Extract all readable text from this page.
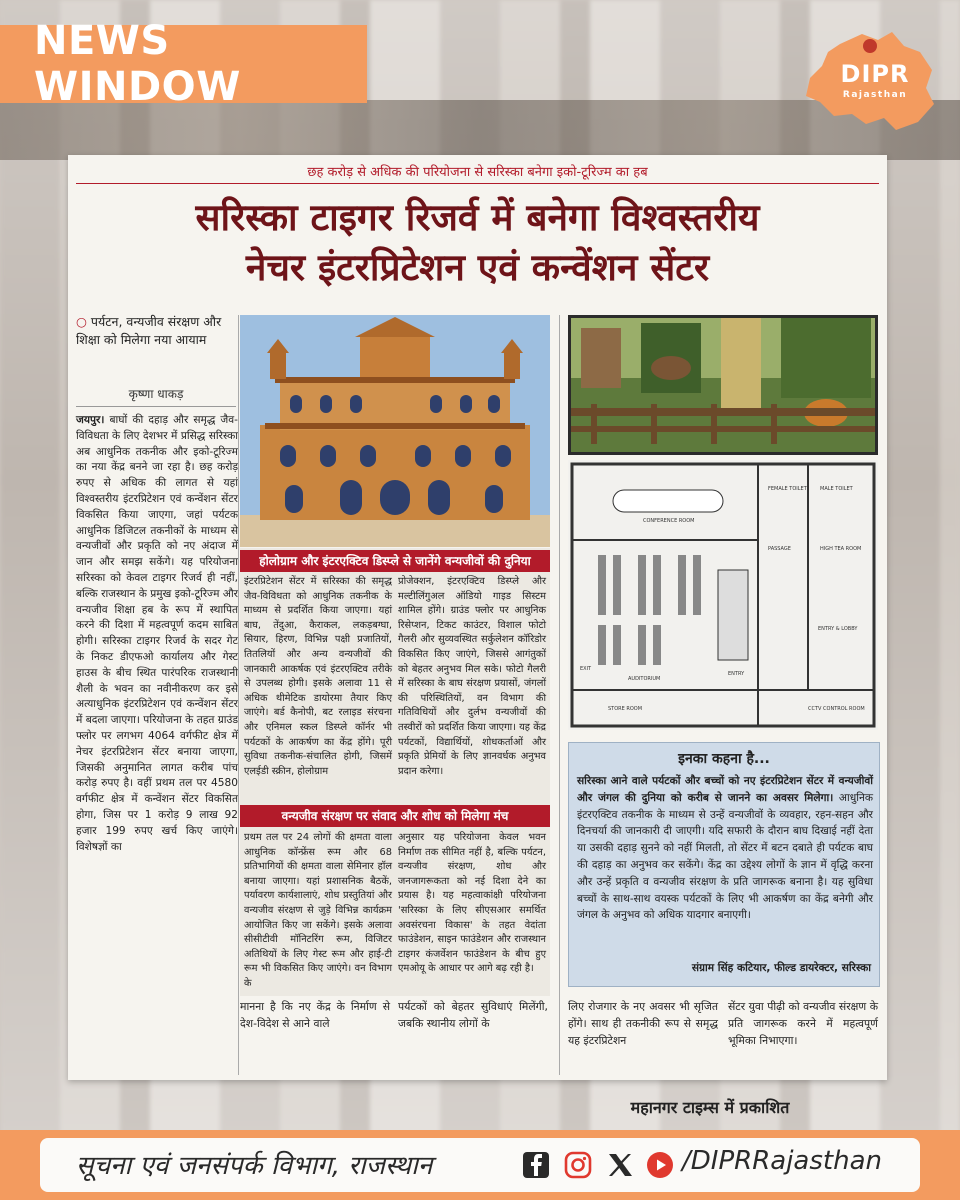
NEWS WINDOW	DIPR
Rajasthan
छह करोड़ से अधिक की परियोजना से सरिस्का बनेगा इको-टूरिज्म का हब
सरिस्का टाइगर रिजर्व में बनेगा विश्वस्तरीय
नेचर इंटरप्रिटेशन एवं कन्वेंशन सेंटर
○ पर्यटन, वन्यजीव संरक्षण और शिक्षा को मिलेगा नया आयाम
कृष्णा धाकड़
जयपुर। बाघों की दहाड़ और समृद्ध जैव-विविधता के लिए देशभर में प्रसिद्ध सरिस्का अब आधुनिक तकनीक और इको-टूरिज्म का नया केंद्र बनने जा रहा है। छह करोड़ रुपए से अधिक की लागत से यहां विश्वस्तरीय इंटरप्रिटेशन एवं कन्वेंशन सेंटर विकसित किया जाएगा, जहां पर्यटक आधुनिक डिजिटल तकनीकों के माध्यम से वन्यजीवों और प्रकृति को नए अंदाज में जान और समझ सकेंगे। यह परियोजना सरिस्का को केवल टाइगर रिजर्व ही नहीं, बल्कि राजस्थान के प्रमुख इको-टूरिज्म और वन्यजीव शिक्षा हब के रूप में स्थापित करने की दिशा में महत्वपूर्ण कदम साबित होगी। सरिस्का टाइगर रिजर्व के सदर गेट के निकट डीएफओ कार्यालय और गेस्ट हाउस के बीच स्थित पारंपरिक राजस्थानी शैली के भवन का नवीनीकरण कर इसे अत्याधुनिक इंटरप्रिटेशन एवं कन्वेंशन सेंटर में बदला जाएगा। परियोजना के तहत ग्राउंड फ्लोर पर लगभग 4064 वर्गफीट क्षेत्र में नेचर इंटरप्रिटेशन सेंटर बनाया जाएगा, जिसकी अनुमानित लागत करीब पांच करोड़ रुपए है। वहीं प्रथम तल पर 4580 वर्गफीट क्षेत्र में कन्वेंशन सेंटर विकसित होगा, जिस पर 1 करोड़ 9 लाख 92 हजार 199 रुपए खर्च किए जाएंगे। विशेषज्ञों का
होलोग्राम और इंटरएक्टिव डिस्प्ले से जानेंगे वन्यजीवों की दुनिया
इंटरप्रिटेशन सेंटर में सरिस्का की समृद्ध जैव-विविधता को आधुनिक तकनीक के माध्यम से प्रदर्शित किया जाएगा। यहां बाघ, तेंदुआ, कैराकल, लकड़बग्घा, सियार, हिरण, विभिन्न पक्षी प्रजातियों, तितलियों और अन्य वन्यजीवों की जानकारी आकर्षक एवं इंटरएक्टिव तरीके से उपलब्ध होगी। इसके अलावा 11 से अधिक थीमेटिक डायोरमा तैयार किए जाएंगे। बर्ड कैनोपी, बट रलाइड संरचना और एनिमल स्कल डिस्प्ले कॉर्नर भी पर्यटकों के आकर्षण का केंद्र होंगे। पूरी सुविधा तकनीक-संचालित होगी, जिसमें एलईडी स्क्रीन, होलोग्राम
प्रोजेक्शन, इंटरएक्टिव डिस्प्ले और मल्टीलिंगुअल ऑडियो गाइड सिस्टम शामिल होंगे। ग्राउंड फ्लोर पर आधुनिक रिसेप्शन, टिकट काउंटर, विशाल फोटो गैलरी और सुव्यवस्थित सर्कुलेशन कॉरिडोर विकसित किए जाएंगे, जिससे आगंतुकों को बेहतर अनुभव मिल सके। फोटो गैलरी में सरिस्का के बाघ संरक्षण प्रयासों, जंगलों की परिस्थितियों, वन विभाग की गतिविधियों और दुर्लभ वन्यजीवों की तस्वीरों को प्रदर्शित किया जाएगा। यह केंद्र पर्यटकों, विद्यार्थियों, शोधकर्ताओं और प्रकृति प्रेमियों के लिए ज्ञानवर्धक अनुभव प्रदान करेगा।
वन्यजीव संरक्षण पर संवाद और शोध को मिलेगा मंच
प्रथम तल पर 24 लोगों की क्षमता वाला आधुनिक कॉन्फ्रेंस रूम और 68 प्रतिभागियों की क्षमता वाला सेमिनार हॉल बनाया जाएगा। यहां प्रशासनिक बैठकें, पर्यावरण कार्यशालाएं, शोध प्रस्तुतियां और वन्यजीव संरक्षण से जुड़े विभिन्न कार्यक्रम आयोजित किए जा सकेंगे। इसके अलावा सीसीटीवी मॉनिटरिंग रूम, विजिटर अतिथियों के लिए गेस्ट रूम और हाई-टी रूम भी विकसित किए जाएंगे। वन विभाग के
अनुसार यह परियोजना केवल भवन निर्माण तक सीमित नहीं है, बल्कि पर्यटन, वन्यजीव संरक्षण, शोध और जनजागरूकता को नई दिशा देने का प्रयास है। यह महत्वाकांक्षी परियोजना 'सरिस्का के लिए सीएसआर समर्थित अवसंरचना विकास' के तहत वेदांता फाउंडेशन, साइन फाउंडेशन और राजस्थान टाइगर कंजर्वेशन फाउंडेशन के बीच हुए एमओयू के आधार पर आगे बढ़ रही है।
CONFERENCE ROOM
FEMALE TOILET	MALE TOILET
PASSAGE	HIGH TEA ROOM
AUDITORIUM
ENTRY
ENTRY & LOBBY
STORE ROOM	CCTV CONTROL ROOM
EXIT
इनका कहना है...
सरिस्का आने वाले पर्यटकों और बच्चों को नए इंटरप्रिटेशन सेंटर में वन्यजीवों और जंगल की दुनिया को करीब से जानने का अवसर मिलेगा। आधुनिक इंटरएक्टिव तकनीक के माध्यम से उन्हें वन्यजीवों के व्यवहार, रहन-सहन और दिनचर्या की जानकारी दी जाएगी। यदि सफारी के दौरान बाघ दिखाई नहीं देता या उसकी दहाड़ सुनने को नहीं मिलती, तो सेंटर में बटन दबाते ही पर्यटक बाघ की दहाड़ का अनुभव कर सकेंगे। केंद्र का उद्देश्य लोगों के ज्ञान में वृद्धि करना और उन्हें प्रकृति व वन्यजीव संरक्षण के प्रति जागरूक बनाना है। यह सुविधा बच्चों के साथ-साथ वयस्क पर्यटकों के लिए भी आकर्षण का केंद्र बनेगी और जंगल के अनुभव को अधिक यादगार बनाएगी।
संग्राम सिंह कटियार, फील्ड डायरेक्टर, सरिस्का
मानना है कि नए केंद्र के निर्माण से देश-विदेश से आने वाले
पर्यटकों को बेहतर सुविधाएं मिलेंगी, जबकि स्थानीय लोगों के
लिए रोजगार के नए अवसर भी सृजित होंगे। साथ ही तकनीकी रूप से समृद्ध यह इंटरप्रिटेशन
सेंटर युवा पीढ़ी को वन्यजीव संरक्षण के प्रति जागरूक करने में महत्वपूर्ण भूमिका निभाएगा।
महानगर टाइम्स में प्रकाशित
सूचना एवं जनसंपर्क विभाग, राजस्थान	/DIPRRajasthan
